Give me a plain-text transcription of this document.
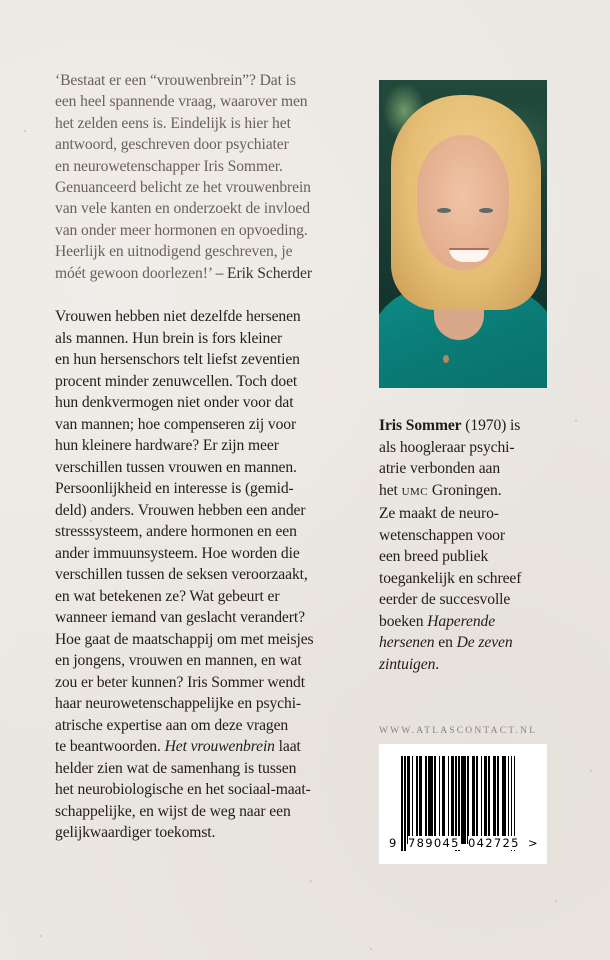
‘Bestaat er een “vrouwenbrein”? Dat is
een heel spannende vraag, waarover men
het zelden eens is. Eindelijk is hier het
antwoord, geschreven door psychiater
en neurowetenschapper Iris Sommer.
Genuanceerd belicht ze het vrouwenbrein
van vele kanten en onderzoekt de invloed
van onder meer hormonen en opvoeding.
Heerlijk en uitnodigend geschreven, je
móét gewoon doorlezen!’ – Erik Scherder

Vrouwen hebben niet dezelfde hersenen
als mannen. Hun brein is fors kleiner
en hun hersenschors telt liefst zeventien
procent minder zenuwcellen. Toch doet
hun denkvermogen niet onder voor dat
van mannen; hoe compenseren zij voor
hun kleinere hardware? Er zijn meer
verschillen tussen vrouwen en mannen.
Persoonlijkheid en interesse is (gemid-
deld) anders. Vrouwen hebben een ander
stresssysteem, andere hormonen en een
ander immuunsysteem. Hoe worden die
verschillen tussen de seksen veroorzaakt,
en wat betekenen ze? Wat gebeurt er
wanneer iemand van geslacht verandert?
Hoe gaat de maatschappij om met meisjes
en jongens, vrouwen en mannen, en wat
zou er beter kunnen? Iris Sommer wendt
haar neurowetenschappelijke en psychi-
atrische expertise aan om deze vragen
te beantwoorden. Het vrouwenbrein laat
helder zien wat de samenhang is tussen
het neurobiologische en het sociaal-maat-
schappelijke, en wijst de weg naar een
gelijkwaardiger toekomst.

Iris Sommer (1970) is
als hoogleraar psychi-
atrie verbonden aan
het UMC Groningen.
Ze maakt de neuro-
wetenschappen voor
een breed publiek
toegankelijk en schreef
eerder de succesvolle
boeken Haperende
hersenen en De zeven
zintuigen.

WWW.ATLASCONTACT.NL
9 789045 042725 >
